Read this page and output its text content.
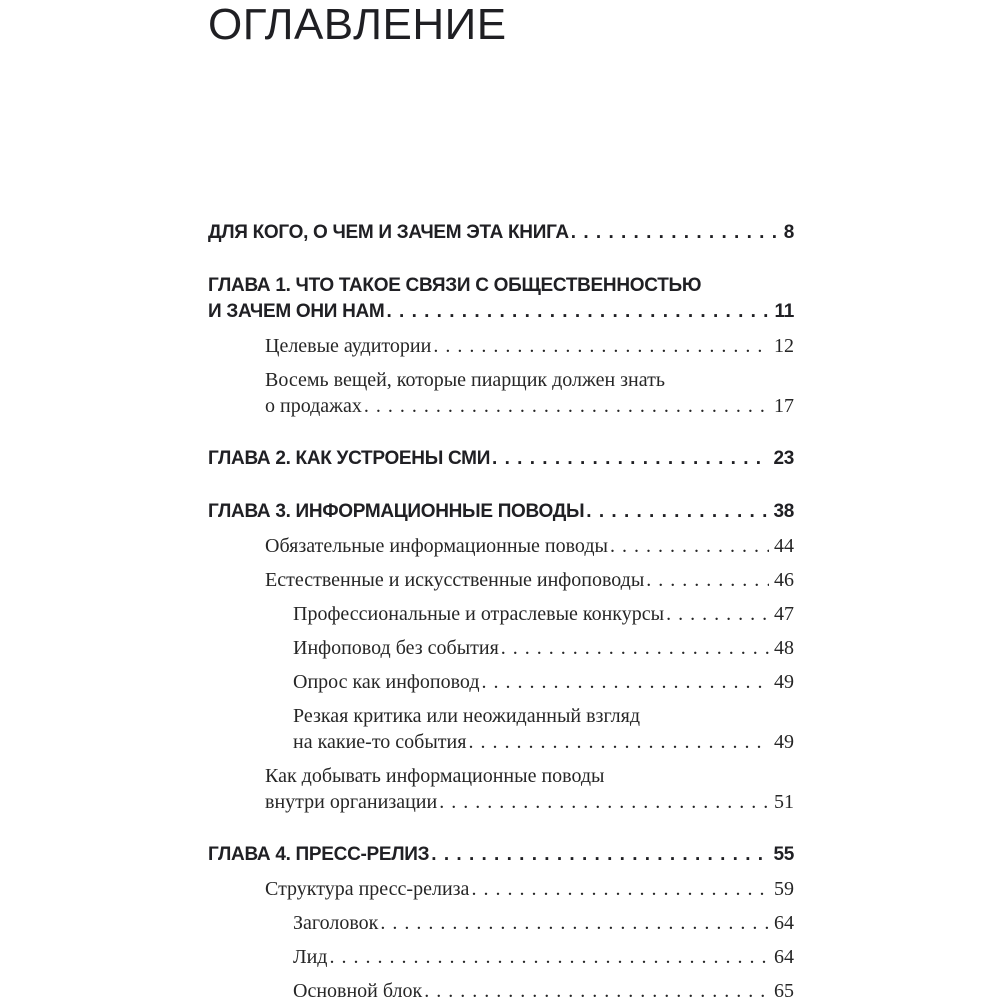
ОГЛАВЛЕНИЕ
ДЛЯ КОГО, О ЧЕМ И ЗАЧЕМ ЭТА КНИГА . . .	8
ГЛАВА 1. ЧТО ТАКОЕ СВЯЗИ С ОБЩЕСТВЕННОСТЬЮ
И ЗАЧЕМ ОНИ НАМ . . .	11
Целевые аудитории . . .	12
Восемь вещей, которые пиарщик должен знать
о продажах . . .	17
ГЛАВА 2. КАК УСТРОЕНЫ СМИ . . .	23
ГЛАВА 3. ИНФОРМАЦИОННЫЕ ПОВОДЫ . . .	38
Обязательные информационные поводы . . .	44
Естественные и искусственные инфоповоды . . .	46
Профессиональные и отраслевые конкурсы . . .	47
Инфоповод без события . . .	48
Опрос как инфоповод . . .	49
Резкая критика или неожиданный взгляд
на какие-то события . . .	49
Как добывать информационные поводы
внутри организации . . .	51
ГЛАВА 4. ПРЕСС-РЕЛИЗ . . .	55
Структура пресс-релиза . . .	59
Заголовок . . .	64
Лид . . .	64
Основной блок . . .	65
